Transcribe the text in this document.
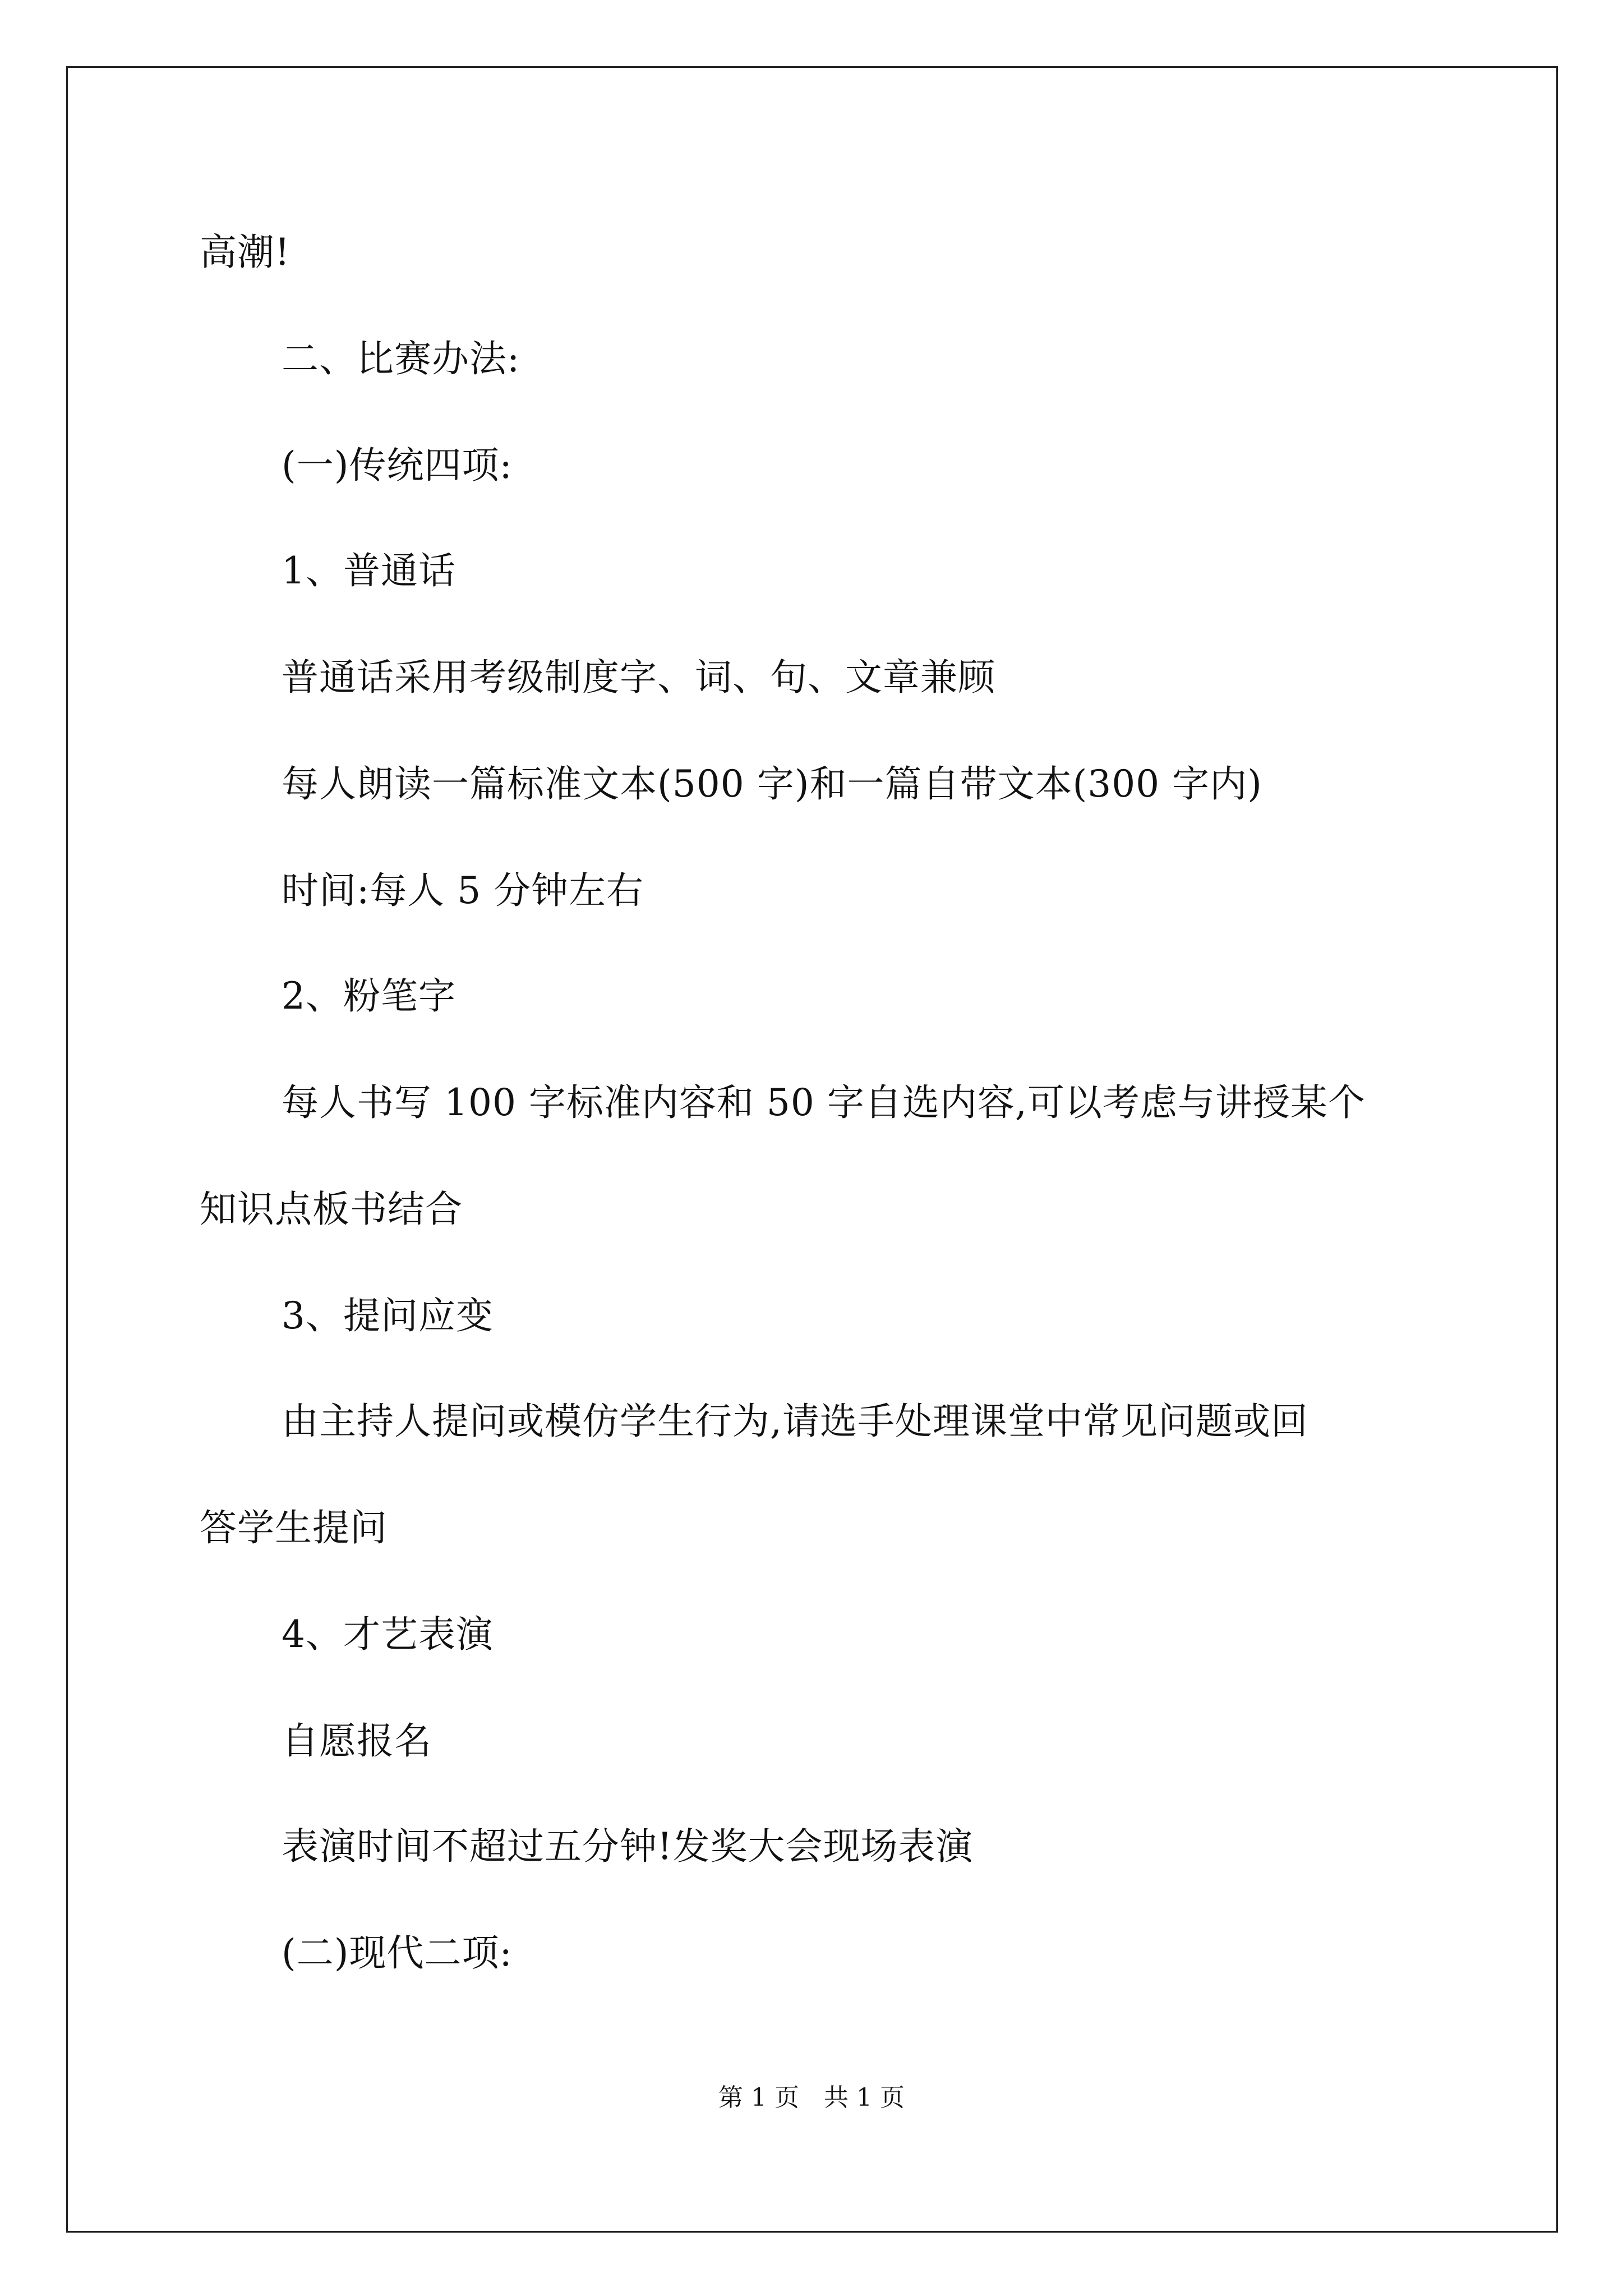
高潮!
二、比赛办法:
(一)传统四项:
1、普通话
普通话采用考级制度字、词、句、文章兼顾
每人朗读一篇标准文本(500 字)和一篇自带文本(300 字内)
时间:每人 5 分钟左右
2、粉笔字
每人书写 100 字标准内容和 50 字自选内容,可以考虑与讲授某个
知识点板书结合
3、提问应变
由主持人提问或模仿学生行为,请选手处理课堂中常见问题或回
答学生提问
4、才艺表演
自愿报名
表演时间不超过五分钟!发奖大会现场表演
(二)现代二项:
第 1 页　共 1 页
